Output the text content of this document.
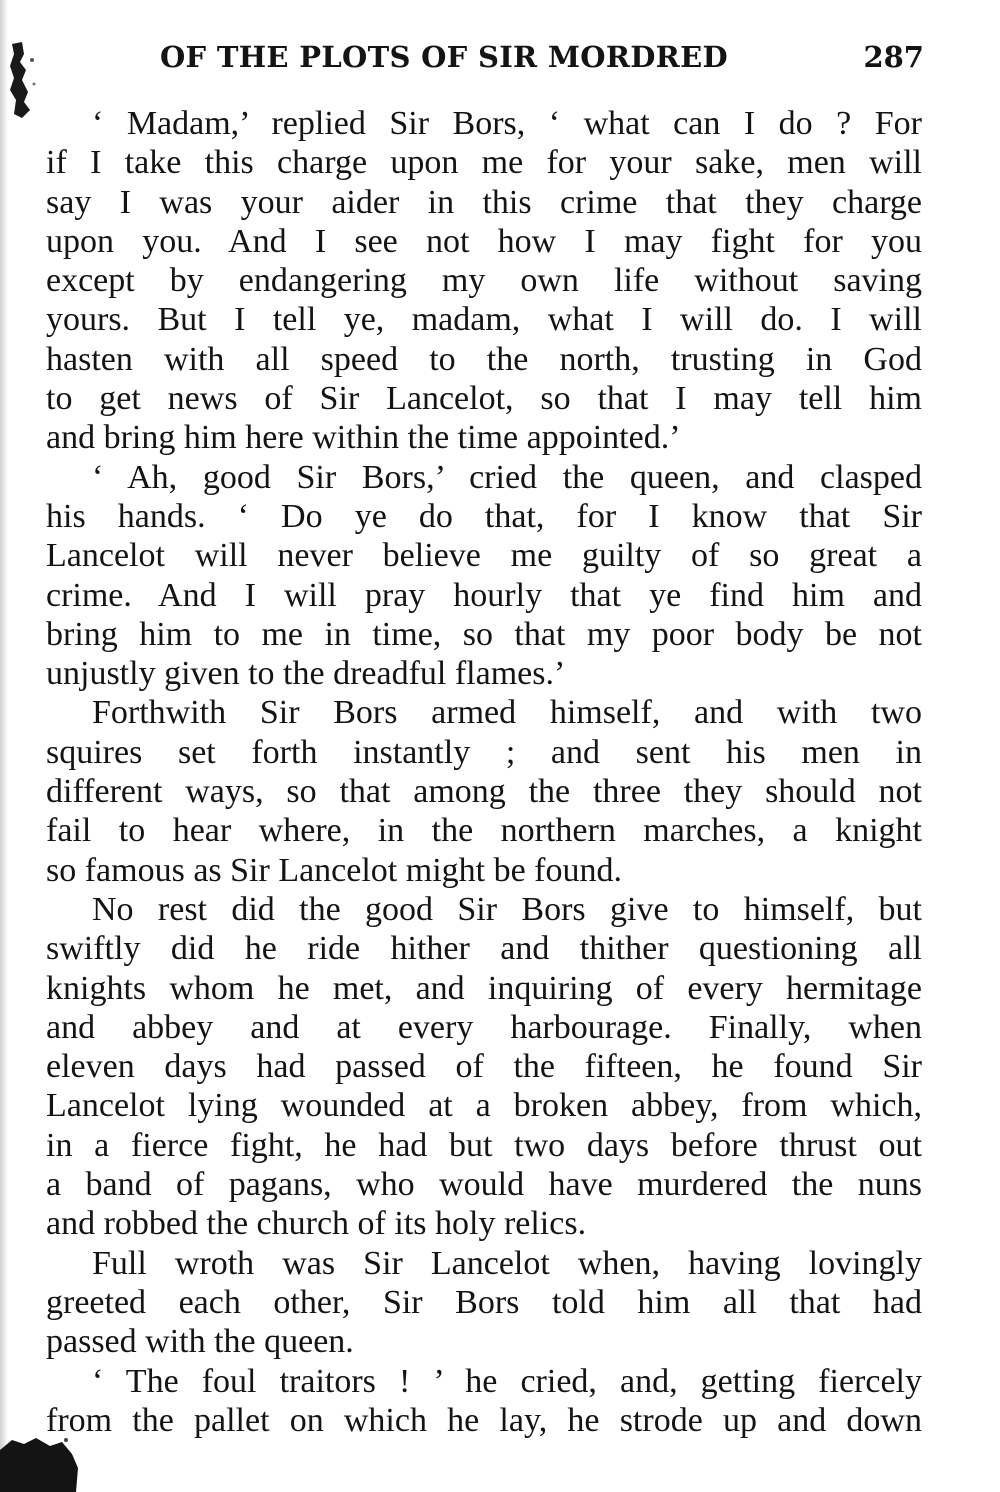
OF THE PLOTS OF SIR MORDRED	287
‘ Madam,’ replied Sir Bors, ‘ what can I do ? For
if I take this charge upon me for your sake, men will
say I was your aider in this crime that they charge
upon you. And I see not how I may fight for you
except by endangering my own life without saving
yours. But I tell ye, madam, what I will do. I will
hasten with all speed to the north, trusting in God
to get news of Sir Lancelot, so that I may tell him
and bring him here within the time appointed.’
‘ Ah, good Sir Bors,’ cried the queen, and clasped
his hands. ‘ Do ye do that, for I know that Sir
Lancelot will never believe me guilty of so great a
crime. And I will pray hourly that ye find him and
bring him to me in time, so that my poor body be not
unjustly given to the dreadful flames.’
Forthwith Sir Bors armed himself, and with two
squires set forth instantly ; and sent his men in
different ways, so that among the three they should not
fail to hear where, in the northern marches, a knight
so famous as Sir Lancelot might be found.
No rest did the good Sir Bors give to himself, but
swiftly did he ride hither and thither questioning all
knights whom he met, and inquiring of every hermitage
and abbey and at every harbourage. Finally, when
eleven days had passed of the fifteen, he found Sir
Lancelot lying wounded at a broken abbey, from which,
in a fierce fight, he had but two days before thrust out
a band of pagans, who would have murdered the nuns
and robbed the church of its holy relics.
Full wroth was Sir Lancelot when, having lovingly
greeted each other, Sir Bors told him all that had
passed with the queen.
‘ The foul traitors ! ’ he cried, and, getting fiercely
from the pallet on which he lay, he strode up and down
